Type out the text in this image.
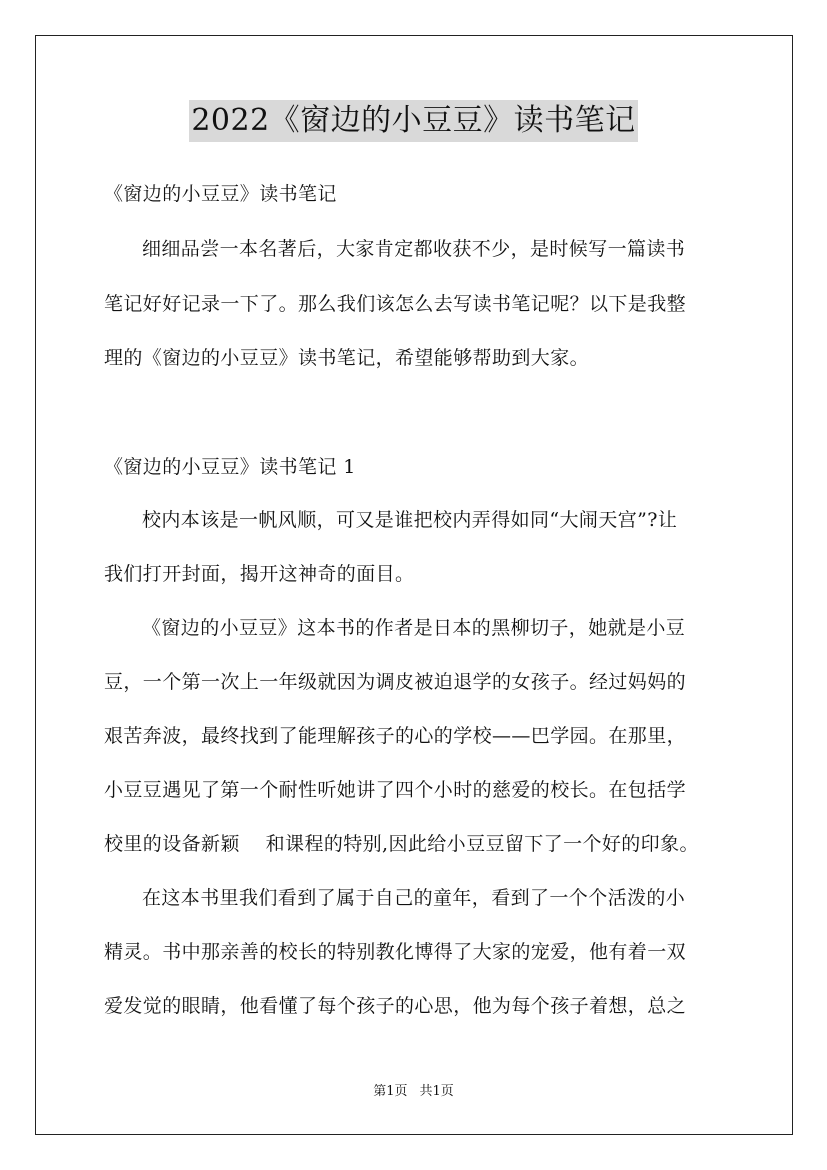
2022《窗边的小豆豆》读书笔记
《窗边的小豆豆》读书笔记
细细品尝一本名著后，大家肯定都收获不少，是时候写一篇读书
笔记好好记录一下了。那么我们该怎么去写读书笔记呢？以下是我整
理的《窗边的小豆豆》读书笔记，希望能够帮助到大家。
《窗边的小豆豆》读书笔记 1
校内本该是一帆风顺，可又是谁把校内弄得如同“大闹天宫”?让
我们打开封面，揭开这神奇的面目。
《窗边的小豆豆》这本书的作者是日本的黑柳切子，她就是小豆
豆，一个第一次上一年级就因为调皮被迫退学的女孩子。经过妈妈的
艰苦奔波，最终找到了能理解孩子的心的学校——巴学园。在那里，
小豆豆遇见了第一个耐性听她讲了四个小时的慈爱的校长。在包括学
校里的设备新颖　 和课程的特别,因此给小豆豆留下了一个好的印象。
在这本书里我们看到了属于自己的童年，看到了一个个活泼的小
精灵。书中那亲善的校长的特别教化博得了大家的宠爱，他有着一双
爱发觉的眼睛，他看懂了每个孩子的心思，他为每个孩子着想，总之
第1页 共1页
